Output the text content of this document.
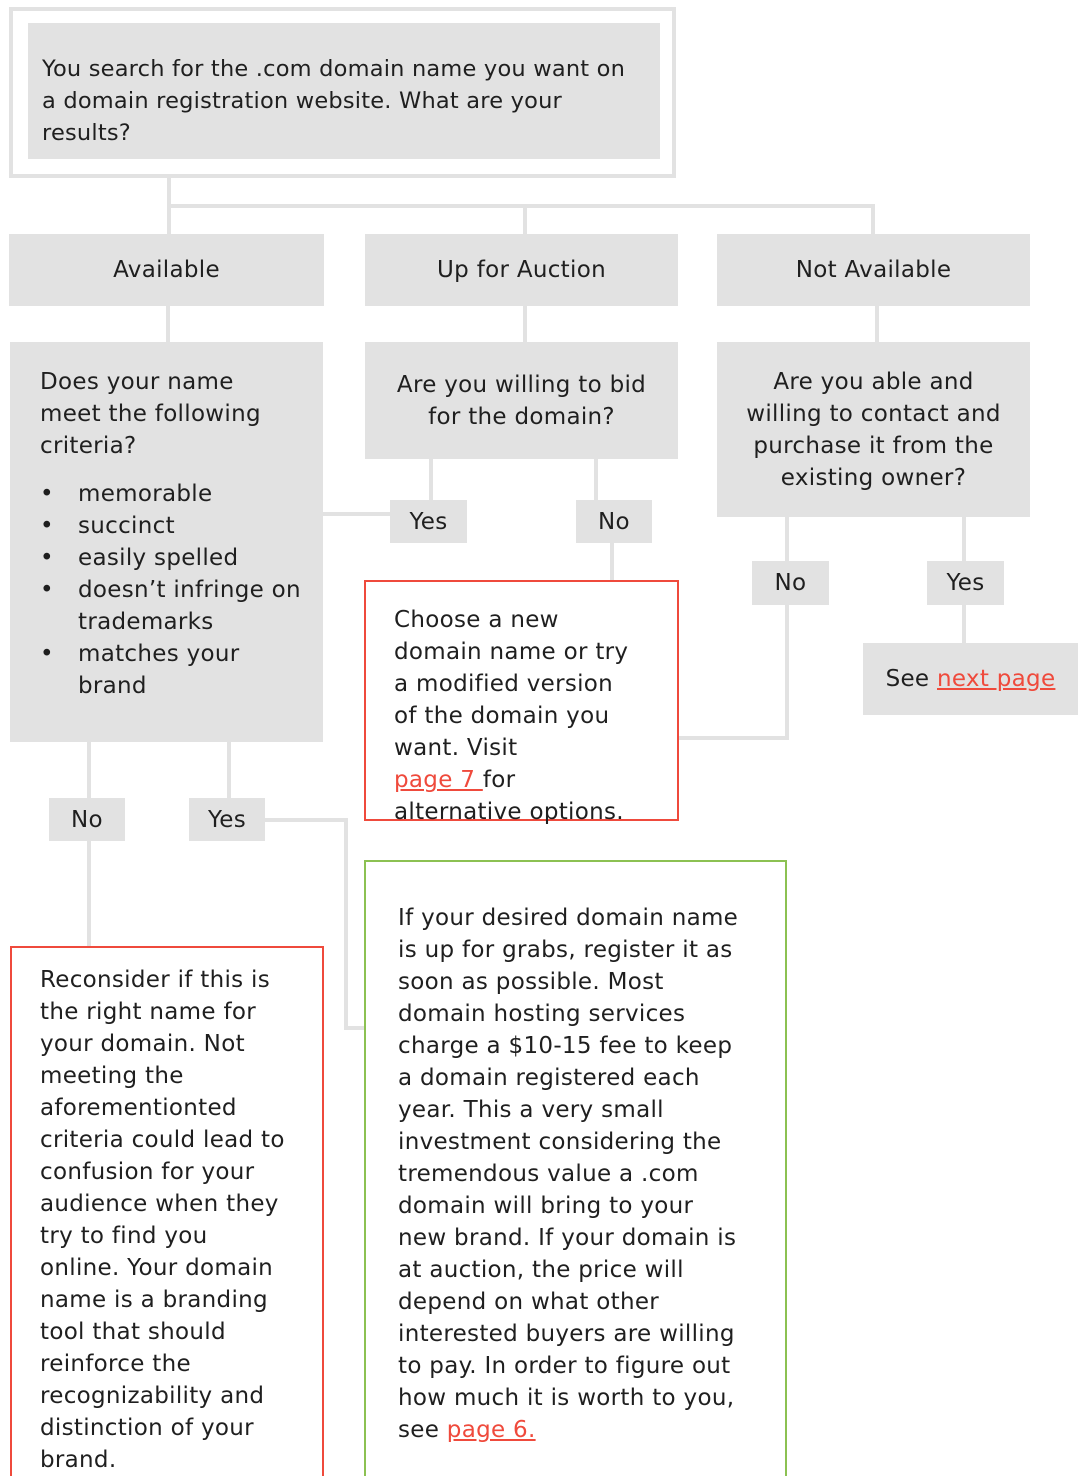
You search for the .com domain name you want on a domain registration website. What are your results?
Available	Up for Auction	Not Available
Does your name meet the following criteria?
• memorable
• succinct
• easily spelled
• doesn’t infringe on trademarks
• matches your brand
Are you willing to bid for the domain?
Are you able and willing to contact and purchase it from the existing owner?
Yes	No
No	Yes
No	Yes
See next page
Choose a new domain name or try a modified version of the domain you want. Visit page 7 for alternative options.
Reconsider if this is the right name for your domain. Not meeting the aforementionted criteria could lead to confusion for your audience when they try to find you online. Your domain name is a branding tool that should reinforce the recognizability and distinction of your brand.
If your desired domain name is up for grabs, register it as soon as possible. Most domain hosting services charge a $10-15 fee to keep a domain registered each year. This a very small investment considering the tremendous value a .com domain will bring to your new brand. If your domain is at auction, the price will depend on what other interested buyers are willing to pay. In order to figure out how much it is worth to you, see page 6.
